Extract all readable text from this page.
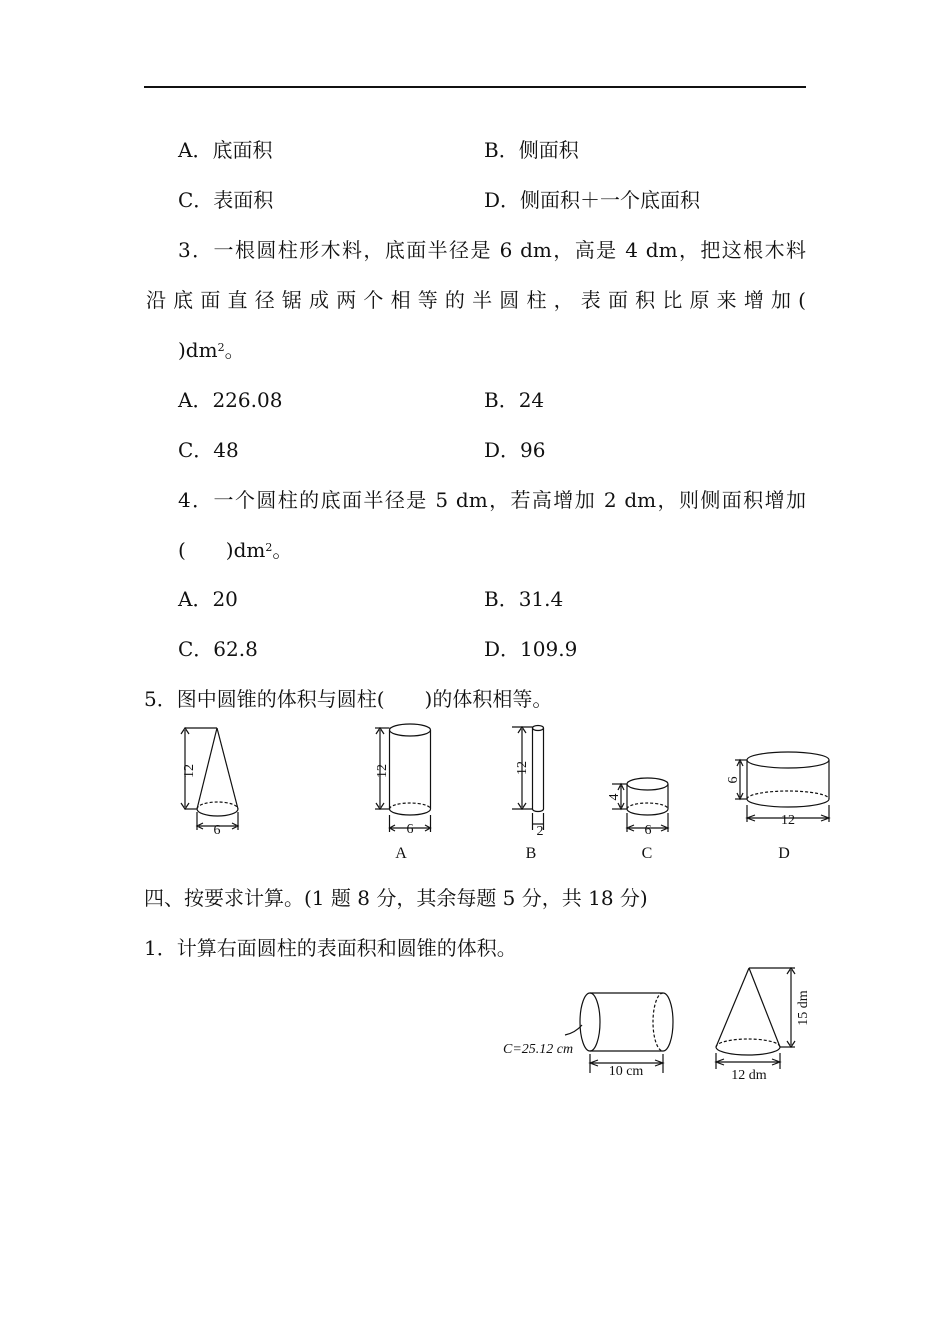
A．底面积	B．侧面积
C．表面积	D．侧面积＋一个底面积
3．一根圆柱形木料，底面半径是 6 dm，高是 4 dm，把这根木料
沿底面直径锯成两个相等的半圆柱，表面积比原来增加(
)$dm^2$。
A．226.08	B．24
C．48	D．96
4．一个圆柱的底面半径是 5 dm，若高增加 2 dm，则侧面积增加
(　　)$dm^2$。
A．20	B．31.4
C．62.8	D．109.9
5．图中圆锥的体积与圆柱(　　)的体积相等。
12
6
12
6
A
12
2
B
4
6
C
6
12
D
四、按要求计算。(1 题 8 分，其余每题 5 分，共 18 分)
1．计算右面圆柱的表面积和圆锥的体积。
C=25.12 cm
10 cm
15 dm
12 dm
